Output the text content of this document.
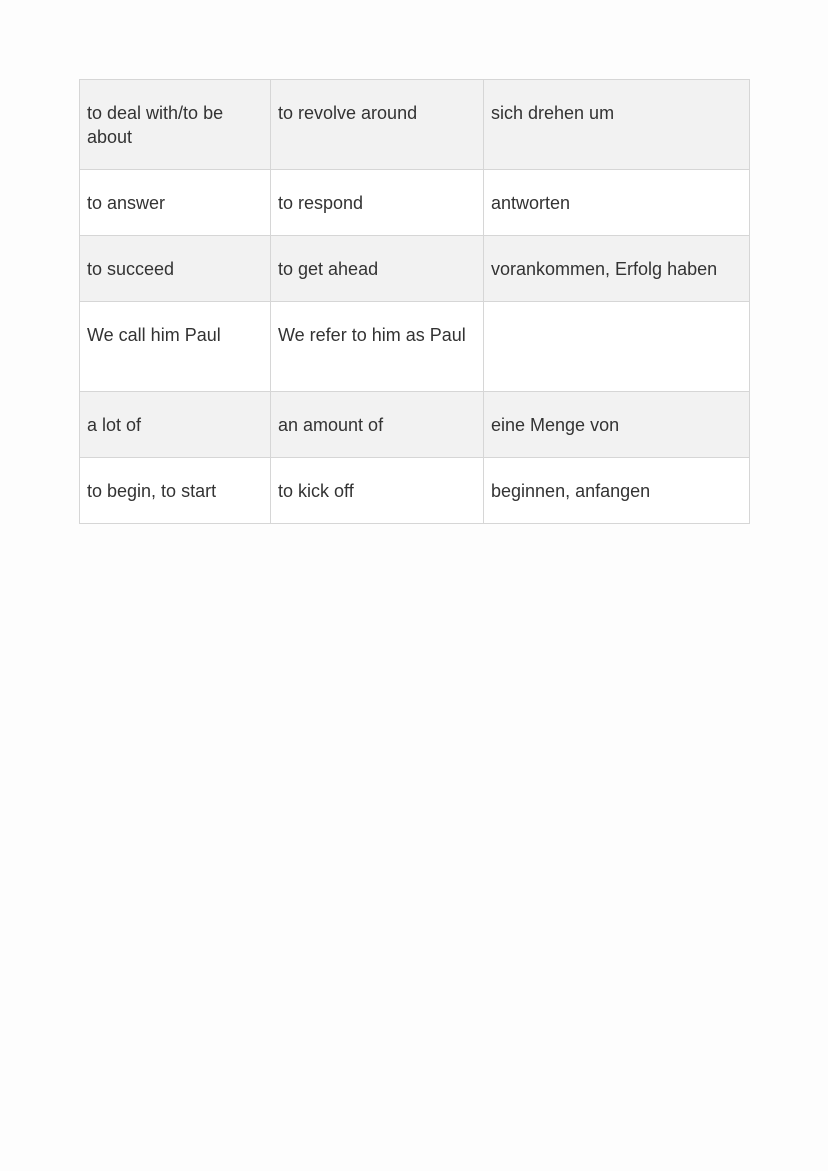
to deal with/to be about	to revolve around	sich drehen um
to answer	to respond	antworten
to succeed	to get ahead	vorankommen, Erfolg haben
We call him Paul	We refer to him as Paul	
a lot of	an amount of	eine Menge von
to begin, to start	to kick off	beginnen, anfangen
